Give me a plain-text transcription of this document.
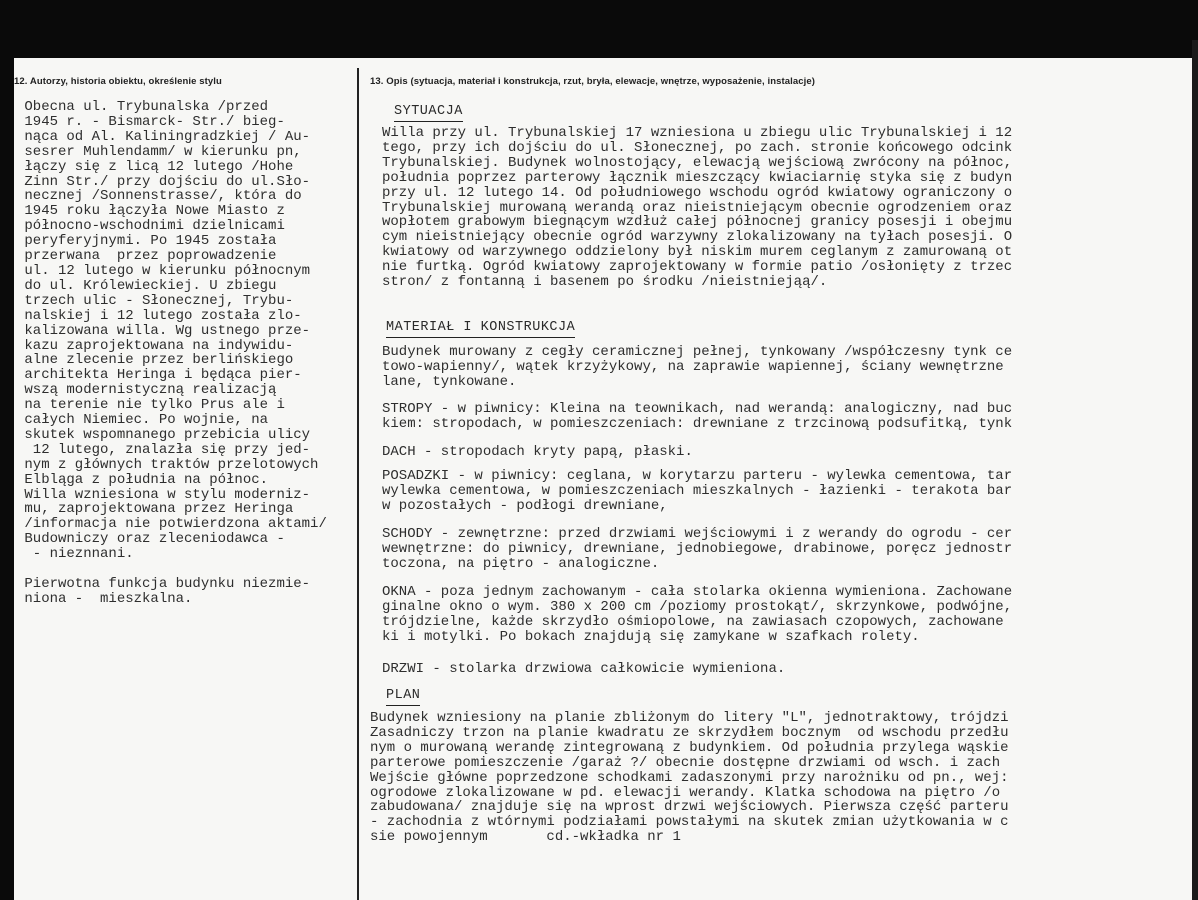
12. Autorzy, historia obiektu, określenie stylu	13. Opis (sytuacja, materiał i konstrukcja, rzut, bryła, elewacje, wnętrze, wyposażenie, instalacje)
Obecna ul. Trybunalska /przed
1945 r. - Bismarck- Str./ bieg-
nąca od Al. Kaliningradzkiej / Au-
sesrer Muhlendamm/ w kierunku pn,
łączy się z licą 12 lutego /Hohe
Zinn Str./ przy dojściu do ul.Sło-
necznej /Sonnenstrasse/, która do
1945 roku łączyła Nowe Miasto z
północno-wschodnimi dzielnicami
peryferyjnymi. Po 1945 została
przerwana  przez poprowadzenie
ul. 12 lutego w kierunku północnym
do ul. Królewieckiej. U zbiegu
trzech ulic - Słonecznej, Trybu-
nalskiej i 12 lutego została zlo-
kalizowana willa. Wg ustnego prze-
kazu zaprojektowana na indywidu-
alne zlecenie przez berlińskiego
architekta Heringa i będąca pier-
wszą modernistyczną realizacją
na terenie nie tylko Prus ale i
całych Niemiec. Po wojnie, na
skutek wspomnanego przebicia ulicy
12 lutego, znalazła się przy jed-
nym z głównych traktów przelotowych
Elbląga z południa na północ.
Willa wzniesiona w stylu moderniz-
mu, zaprojektowana przez Heringa
/informacja nie potwierdzona aktami/
Budowniczy oraz zleceniodawca -
- nieznnani.

Pierwotna funkcja budynku niezmie-
niona -  mieszkalna.

SYTUACJA
Willa przy ul. Trybunalskiej 17 wzniesiona u zbiegu ulic Trybunalskiej i 12
tego, przy ich dojściu do ul. Słonecznej, po zach. stronie końcowego odcink
Trybunalskiej. Budynek wolnostojący, elewacją wejściową zwrócony na północ,
południa poprzez parterowy łącznik mieszczący kwiaciarnię styka się z budyn
przy ul. 12 lutego 14. Od południowego wschodu ogród kwiatowy ograniczony o
Trybunalskiej murowaną werandą oraz nieistniejącym obecnie ogrodzeniem oraz
wopłotem grabowym biegnącym wzdłuż całej północnej granicy posesji i obejmu
cym nieistniejący obecnie ogród warzywny zlokalizowany na tyłach posesji. O
kwiatowy od warzywnego oddzielony był niskim murem ceglanym z zamurowaną ot
nie furtką. Ogród kwiatowy zaprojektowany w formie patio /osłonięty z trzec
stron/ z fontanną i basenem po środku /nieistniejąą/.
MATERIAŁ I KONSTRUKCJA
Budynek murowany z cegły ceramicznej pełnej, tynkowany /współczesny tynk ce
towo-wapienny/, wątek krzyżykowy, na zaprawie wapiennej, ściany wewnętrzne
lane, tynkowane.
STROPY - w piwnicy: Kleina na teownikach, nad werandą: analogiczny, nad buc
kiem: stropodach, w pomieszczeniach: drewniane z trzcinową podsufitką, tynk
DACH - stropodach kryty papą, płaski.
POSADZKI - w piwnicy: ceglana, w korytarzu parteru - wylewka cementowa, tar
wylewka cementowa, w pomieszczeniach mieszkalnych - łazienki - terakota bar
w pozostałych - podłogi drewniane,
SCHODY - zewnętrzne: przed drzwiami wejściowymi i z werandy do ogrodu - cer
wewnętrzne: do piwnicy, drewniane, jednobiegowe, drabinowe, poręcz jednostr
toczona, na piętro - analogiczne.
OKNA - poza jednym zachowanym - cała stolarka okienna wymieniona. Zachowane
ginalne okno o wym. 380 x 200 cm /poziomy prostokąt/, skrzynkowe, podwójne,
trójdzielne, każde skrzydło ośmiopolowe, na zawiasach czopowych, zachowane
ki i motylki. Po bokach znajdują się zamykane w szafkach rolety.
DRZWI - stolarka drzwiowa całkowicie wymieniona.
PLAN
Budynek wzniesiony na planie zbliżonym do litery "L", jednotraktowy, trójdzi
Zasadniczy trzon na planie kwadratu ze skrzydłem bocznym  od wschodu przedłu
nym o murowaną werandę zintegrowaną z budynkiem. Od południa przylega wąskie
parterowe pomieszczenie /garaż ?/ obecnie dostępne drzwiami od wsch. i zach
Wejście główne poprzedzone schodkami zadaszonymi przy narożniku od pn., wej:
ogrodowe zlokalizowane w pd. elewacji werandy. Klatka schodowa na piętro /o
zabudowana/ znajduje się na wprost drzwi wejściowych. Pierwsza część parteru
- zachodnia z wtórnymi podziałami powstałymi na skutek zmian użytkowania w c
sie powojennym       cd.-wkładka nr 1
